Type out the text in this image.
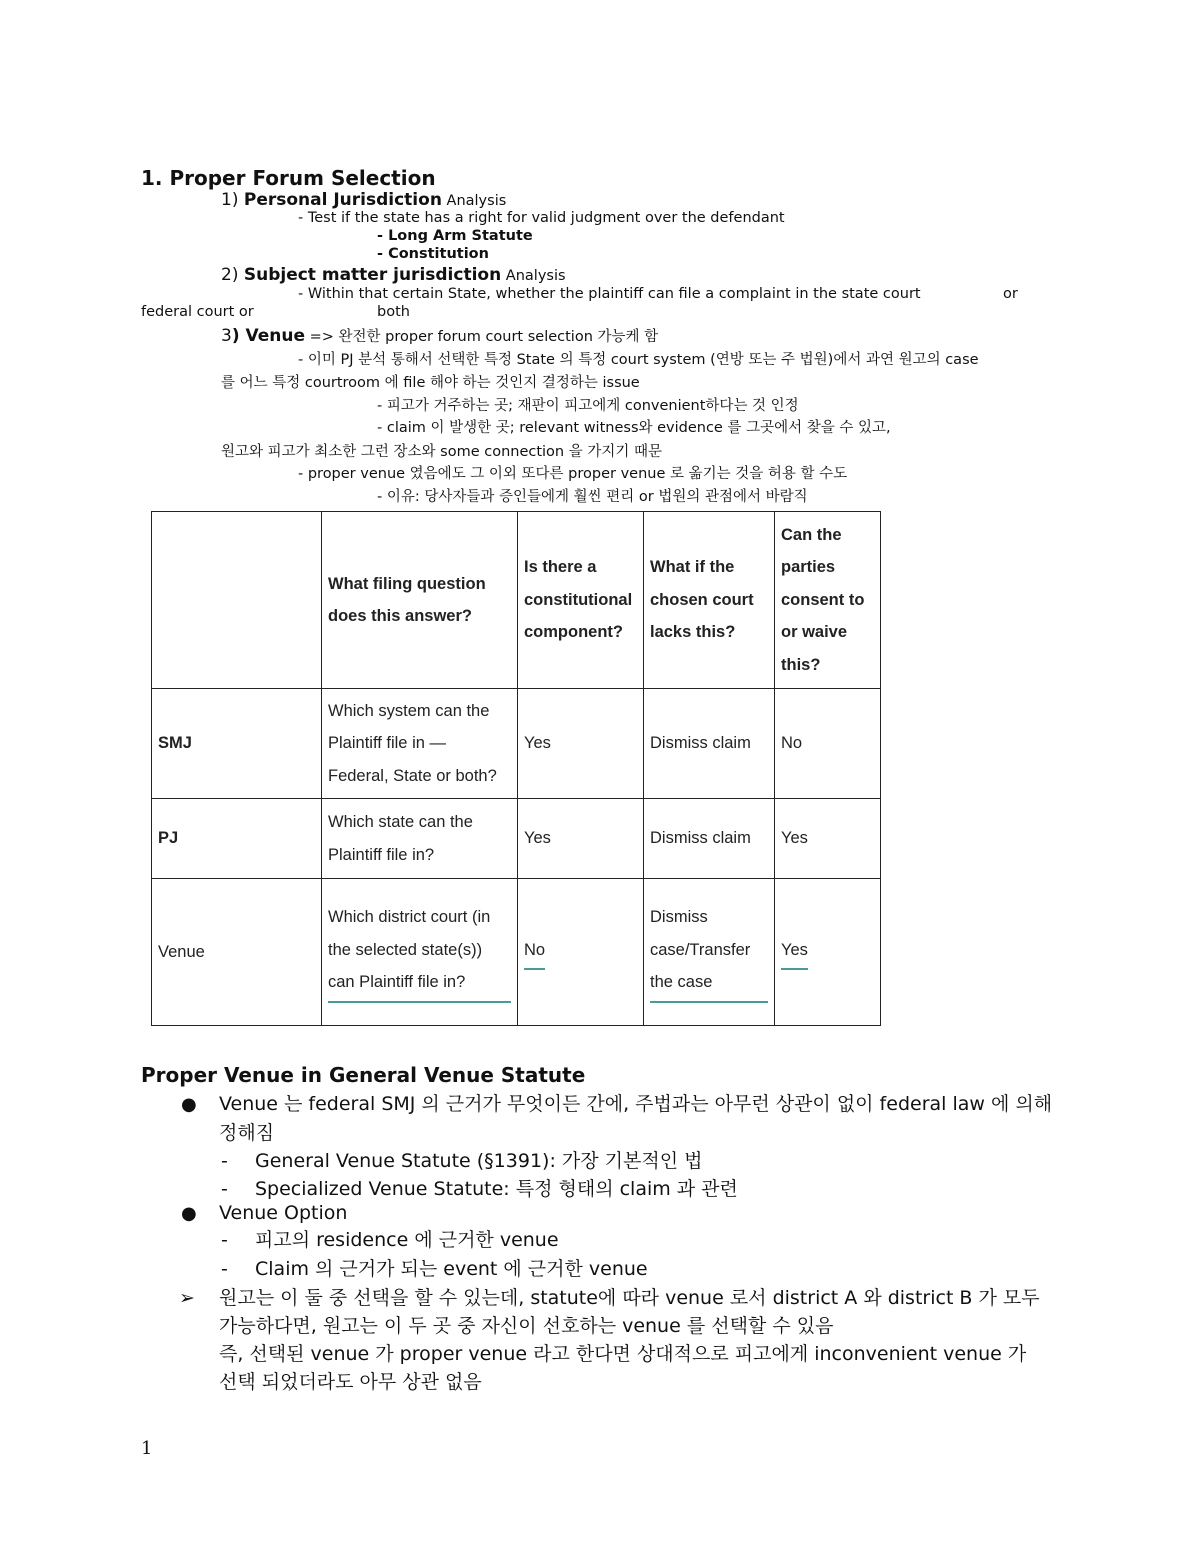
1. Proper Forum Selection
1) Personal Jurisdiction Analysis
- Test if the state has a right for valid judgment over the defendant
- Long Arm Statute
- Constitution
2) Subject matter jurisdiction Analysis
- Within that certain State, whether the plaintiff can file a complaint in the state court	or
federal court or	both
3) Venue => 완전한 proper forum court selection 가능케 함
- 이미 PJ 분석 통해서 선택한 특정 State 의 특정 court system (연방 또는 주 법원)에서 과연 원고의 case
를 어느 특정 courtroom 에 file 해야 하는 것인지 결정하는 issue
- 피고가 거주하는 곳; 재판이 피고에게 convenient하다는 것 인정
- claim 이 발생한 곳; relevant witness와 evidence 를 그곳에서 찾을 수 있고,
원고와 피고가 최소한 그런 장소와 some connection 을 가지기 때문
- proper venue 였음에도 그 이외 또다른 proper venue 로 옮기는 것을 허용 할 수도
- 이유: 당사자들과 증인들에게 훨씬 편리 or 법원의 관점에서 바람직
	What filing question does this answer?	Is there a constitutional component?	What if the chosen court lacks this?	Can the parties consent to or waive this?
SMJ	Which system can the Plaintiff file in — Federal, State or both?	Yes	Dismiss claim	No
PJ	Which state can the Plaintiff file in?	Yes	Dismiss claim	Yes
Venue	Which district court (in the selected state(s)) can Plaintiff file in?	No	Dismiss case/Transfer the case	Yes
Proper Venue in General Venue Statute
● Venue 는 federal SMJ 의 근거가 무엇이든 간에, 주법과는 아무런 상관이 없이 federal law 에 의해
정해짐
- General Venue Statute (§1391): 가장 기본적인 법
- Specialized Venue Statute: 특정 형태의 claim 과 관련
● Venue Option
- 피고의 residence 에 근거한 venue
- Claim 의 근거가 되는 event 에 근거한 venue
➢ 원고는 이 둘 중 선택을 할 수 있는데, statute에 따라 venue 로서 district A 와 district B 가 모두
가능하다면, 원고는 이 두 곳 중 자신이 선호하는 venue 를 선택할 수 있음
즉, 선택된 venue 가 proper venue 라고 한다면 상대적으로 피고에게 inconvenient venue 가
선택 되었더라도 아무 상관 없음
1
